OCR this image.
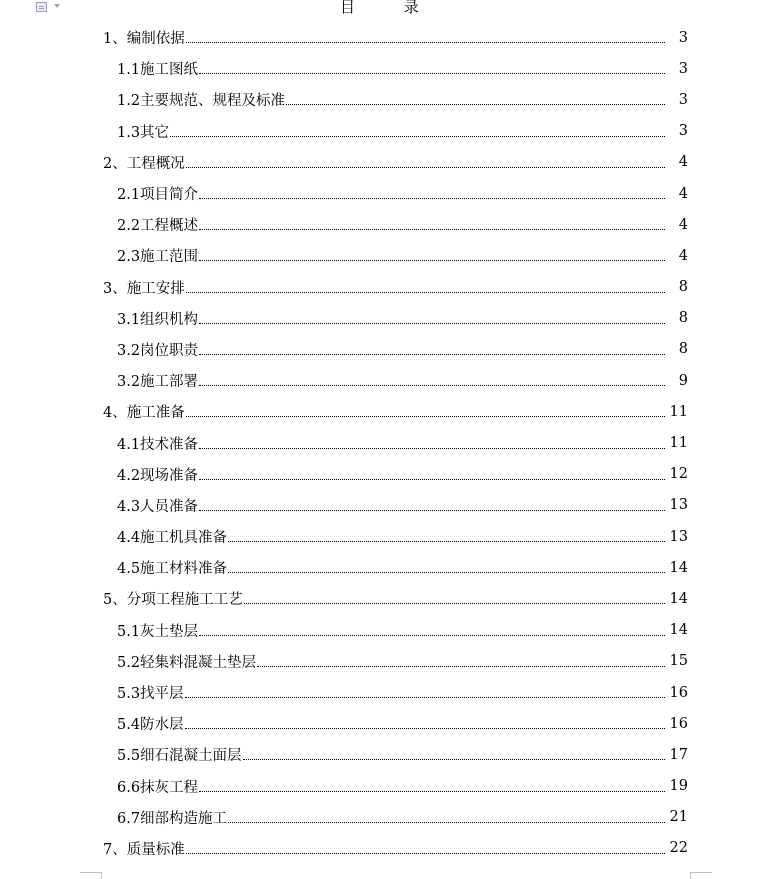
目 录
1、编制依据	3
1.1施工图纸	3
1.2主要规范、规程及标准	3
1.3其它	3
2、工程概况	4
2.1项目简介	4
2.2工程概述	4
2.3施工范围	4
3、施工安排	8
3.1组织机构	8
3.2岗位职责	8
3.2施工部署	9
4、施工准备	11
4.1技术准备	11
4.2现场准备	12
4.3人员准备	13
4.4施工机具准备	13
4.5施工材料准备	14
5、分项工程施工工艺	14
5.1灰土垫层	14
5.2轻集料混凝土垫层	15
5.3找平层	16
5.4防水层	16
5.5细石混凝土面层	17
6.6抹灰工程	19
6.7细部构造施工	21
7、质量标准	22
